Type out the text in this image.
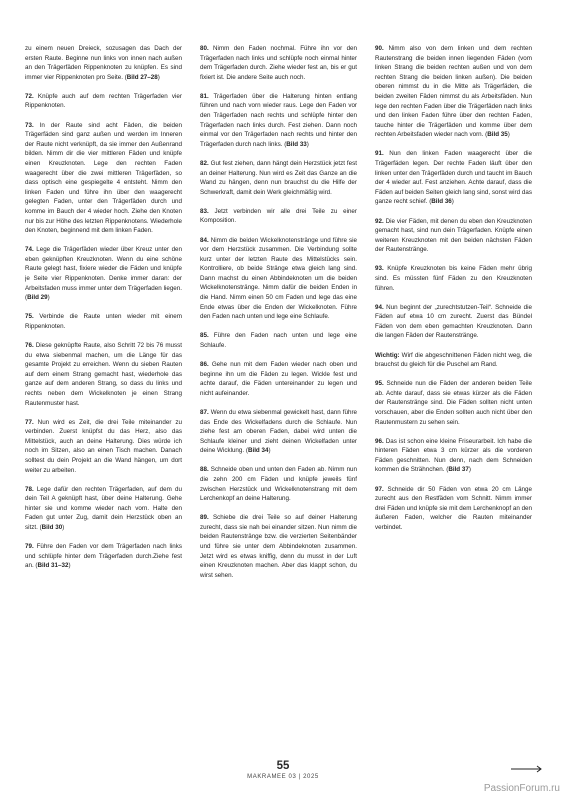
zu einem neuen Dreieck, sozusagen das Dach der ersten Raute. Beginne nun links von innen nach außen an den Trägerfäden Rippenknoten zu knüpfen. Es sind immer vier Rippenknoten pro Seite. (Bild 27–28)

72. Knüpfe auch auf dem rechten Trägerfaden vier Rippenknoten.

73. In der Raute sind acht Fäden, die beiden Trägerfäden sind ganz außen und werden im Inneren der Raute nicht verknüpft, da sie immer den Außenrand bilden. Nimm dir die vier mittleren Fäden und knüpfe einen Kreuzknoten. Lege den rechten Faden waagerecht über die zwei mittleren Trägerfäden, so dass optisch eine gespiegelte 4 entsteht. Nimm den linken Faden und führe ihn über den waagerecht gelegten Faden, unter den Trägerfäden durch und komme im Bauch der 4 wieder hoch. Ziehe den Knoten nur bis zur Höhe des letzten Rippenknotens. Wiederhole den Knoten, beginnend mit dem linken Faden.

74. Lege die Trägerfäden wieder über Kreuz unter den eben geknüpften Kreuzknoten. Wenn du eine schöne Raute gelegt hast, fixiere wieder die Fäden und knüpfe je Seite vier Rippenknoten. Denke immer daran: der Arbeitsfaden muss immer unter dem Trägerfaden liegen. (Bild 29)

75. Verbinde die Raute unten wieder mit einem Rippenknoten.

76. Diese geknüpfte Raute, also Schritt 72 bis 76 musst du etwa siebenmal machen, um die Länge für das gesamte Projekt zu erreichen. Wenn du sieben Rauten auf dem einem Strang gemacht hast, wiederhole das ganze auf dem anderen Strang, so dass du links und rechts neben dem Wickelknoten je einen Strang Rautenmuster hast.

77. Nun wird es Zeit, die drei Teile miteinander zu verbinden. Zuerst knüpfst du das Herz, also das Mittelstück, auch an deine Halterung. Dies würde ich noch im Sitzen, also an einen Tisch machen. Danach solltest du dein Projekt an die Wand hängen, um dort weiter zu arbeiten.

78. Lege dafür den rechten Trägerfaden, auf dem du dein Teil A geknüpft hast, über deine Halterung. Gehe hinter sie und komme wieder nach vorn. Halte den Faden gut unter Zug, damit dein Herzstück oben an sitzt. (Bild 30)

79. Führe den Faden vor dem Trägerfaden nach links und schlüpfe hinter dem Trägerfaden durch.Ziehe fest an. (Bild 31–32)

80. Nimm den Faden nochmal. Führe ihn vor den Trägerfaden nach links und schlüpfe noch einmal hinter dem Trägerfaden durch. Ziehe wieder fest an, bis er gut fixiert ist. Die andere Seite auch noch.

81. Trägerfaden über die Halterung hinten entlang führen und nach vorn wieder raus. Lege den Faden vor den Trägerfaden nach rechts und schlüpfe hinter den Trägerfaden nach links durch. Fest ziehen. Dann noch einmal vor den Trägerfaden nach rechts und hinter den Trägerfaden durch nach links. (Bild 33)

82. Gut fest ziehen, dann hängt dein Herzstück jetzt fest an deiner Halterung. Nun wird es Zeit das Ganze an die Wand zu hängen, denn nun brauchst du die Hilfe der Schwerkraft, damit dein Werk gleichmäßig wird.

83. Jetzt verbinden wir alle drei Teile zu einer Komposition.

84. Nimm die beiden Wickelknotenstränge und führe sie vor dem Herzstück zusammen. Die Verbindung sollte kurz unter der letzten Raute des Mittelstücks sein. Kontrolliere, ob beide Stränge etwa gleich lang sind. Dann machst du einen Abbindeknoten um die beiden Wickelknotenstränge. Nimm dafür die beiden Enden in die Hand. Nimm einen 50 cm Faden und lege das eine Ende etwas über die Enden der Wickelknoten. Führe den Faden nach unten und lege eine Schlaufe.

85. Führe den Faden nach unten und lege eine Schlaufe.

86. Gehe nun mit dem Faden wieder nach oben und beginne ihn um die Fäden zu legen. Wickle fest und achte darauf, die Fäden untereinander zu legen und nicht aufeinander.

87. Wenn du etwa siebenmal gewickelt hast, dann führe das Ende des Wickelfadens durch die Schlaufe. Nun ziehe fest am oberen Faden, dabei wird unten die Schlaufe kleiner und zieht deinen Wickelfaden unter deine Wicklung. (Bild 34)

88. Schneide oben und unten den Faden ab. Nimm nun die zehn 200 cm Fäden und knüpfe jeweils fünf zwischen Herzstück und Wickelknotenstrang mit dem Lerchenkopf an deine Halterung.

89. Schiebe die drei Teile so auf deiner Halterung zurecht, dass sie nah bei einander sitzen. Nun nimm die beiden Rautenstränge bzw. die verzierten Seitenbänder und führe sie unter dem Abbindeknoten zusammen. Jetzt wird es etwas kniffig, denn du musst in der Luft einen Kreuzknoten machen. Aber das klappt schon, du wirst sehen.

90. Nimm also von dem linken und dem rechten Rautenstrang die beiden innen liegenden Fäden (vom linken Strang die beiden rechten außen und von dem rechten Strang die beiden linken außen). Die beiden oberen nimmst du in die Mitte als Trägerfäden, die beiden zweiten Fäden nimmst du als Arbeitsfäden. Nun lege den rechten Faden über die Trägerfäden nach links und den linken Faden führe über den rechten Faden, tauche hinter die Trägerfäden und komme über dem rechten Arbeitsfaden wieder nach vorn. (Bild 35)

91. Nun den linken Faden waagerecht über die Trägerfäden legen. Der rechte Faden läuft über den linken unter den Trägerfäden durch und taucht im Bauch der 4 wieder auf. Fest anziehen. Achte darauf, dass die Fäden auf beiden Seiten gleich lang sind, sonst wird das ganze recht schief. (Bild 36)

92. Die vier Fäden, mit denen du eben den Kreuzknoten gemacht hast, sind nun dein Trägerfaden. Knüpfe einen weiteren Kreuzknoten mit den beiden nächsten Fäden der Rautenstränge.

93. Knüpfe Kreuzknoten bis keine Fäden mehr übrig sind. Es müssten fünf Fäden zu den Kreuzknoten führen.

94. Nun beginnt der „zurechtstutzen-Teil“. Schneide die Fäden auf etwa 10 cm zurecht. Zuerst das Bündel Fäden von dem eben gemachten Kreuzknoten. Dann die langen Fäden der Rautenstränge.

Wichtig: Wirf die abgeschnittenen Fäden nicht weg, die brauchst du gleich für die Puschel am Rand.

95. Schneide nun die Fäden der anderen beiden Teile ab. Achte darauf, dass sie etwas kürzer als die Fäden der Rautenstränge sind. Die Fäden sollten nicht unten vorschauen, aber die Enden sollten auch nicht über den Rautenmustern zu sehen sein.

96. Das ist schon eine kleine Friseurarbeit. Ich habe die hinteren Fäden etwa 3 cm kürzer als die vorderen Fäden geschnitten. Nun denn, nach dem Schneiden kommen die Strähnchen. (Bild 37)

97. Schneide dir 50 Fäden von etwa 20 cm Länge zurecht aus den Restfäden vom Schnitt. Nimm immer drei Fäden und knüpfe sie mit dem Lerchenknopf an den äußeren Faden, welcher die Rauten miteinander verbindet.

55
MAKRAMEE 03 | 2025
PassionForum.ru
